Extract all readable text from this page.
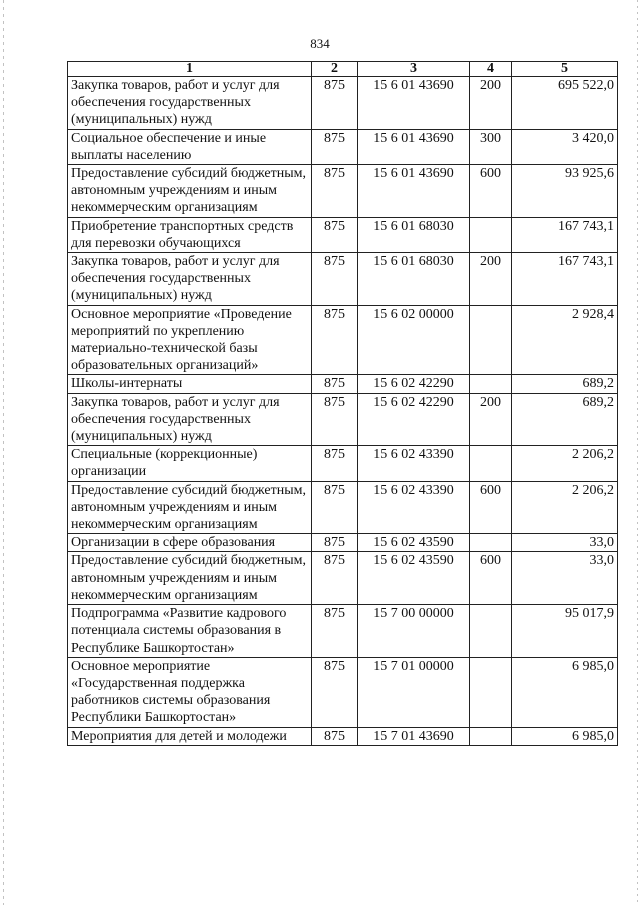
834
1	2	3	4	5
Закупка товаров, работ и услуг для обеспечения государственных (муниципальных) нужд	875	15 6 01 43690	200	695 522,0
Социальное обеспечение и иные выплаты населению	875	15 6 01 43690	300	3 420,0
Предоставление субсидий бюджетным, автономным учреждениям и иным некоммерческим организациям	875	15 6 01 43690	600	93 925,6
Приобретение транспортных средств для перевозки обучающихся	875	15 6 01 68030		167 743,1
Закупка товаров, работ и услуг для обеспечения государственных (муниципальных) нужд	875	15 6 01 68030	200	167 743,1
Основное мероприятие «Проведение мероприятий по укреплению материально-технической базы образовательных организаций»	875	15 6 02 00000		2 928,4
Школы-интернаты	875	15 6 02 42290		689,2
Закупка товаров, работ и услуг для обеспечения государственных (муниципальных) нужд	875	15 6 02 42290	200	689,2
Специальные (коррекционные) организации	875	15 6 02 43390		2 206,2
Предоставление субсидий бюджетным, автономным учреждениям и иным некоммерческим организациям	875	15 6 02 43390	600	2 206,2
Организации в сфере образования	875	15 6 02 43590		33,0
Предоставление субсидий бюджетным, автономным учреждениям и иным некоммерческим организациям	875	15 6 02 43590	600	33,0
Подпрограмма «Развитие кадрового потенциала системы образования в Республике Башкортостан»	875	15 7 00 00000		95 017,9
Основное мероприятие «Государственная поддержка работников системы образования Республики Башкортостан»	875	15 7 01 00000		6 985,0
Мероприятия для детей и молодежи	875	15 7 01 43690		6 985,0
